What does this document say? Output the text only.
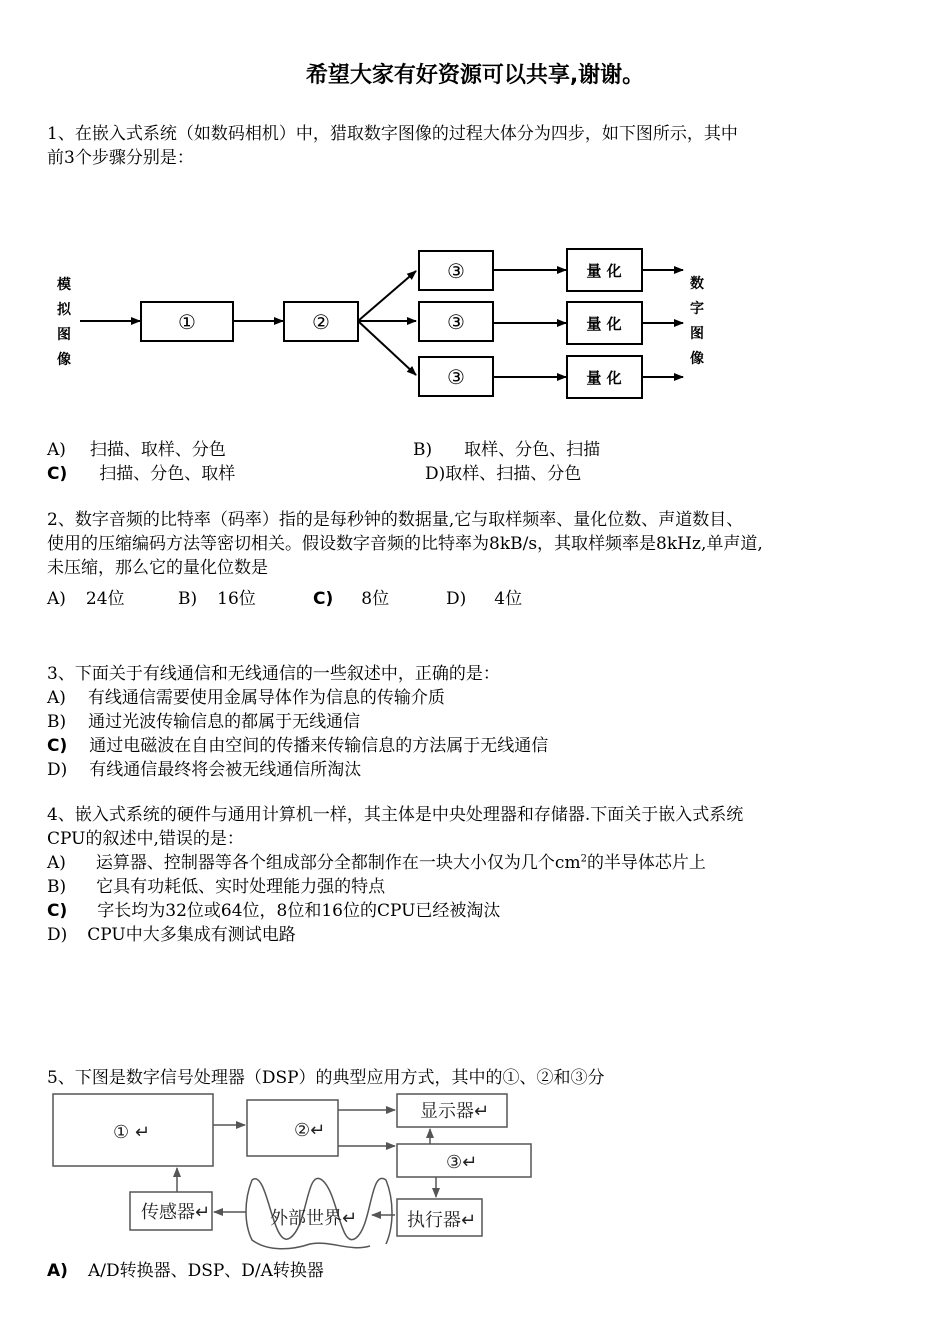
希望大家有好资源可以共享,谢谢。
1、在嵌入式系统（如数码相机）中，猎取数字图像的过程大体分为四步，如下图所示，其中
前3个步骤分别是：
模
拟
图
像
①	②
③	量 化
③	量 化
③	量 化
数
字
图
像
① ↵	②↵
显示器↵
③↵
传感器↵	外部世界↵	执行器↵
A) 扫描、取样、分色	B) 取样、分色、扫描
C) 扫描、分色、取样	D)取样、扫描、分色
2、数字音频的比特率（码率）指的是每秒钟的数据量,它与取样频率、量化位数、声道数目、
使用的压缩编码方法等密切相关。假设数字音频的比特率为8kB/s，其取样频率是8kHz,单声道,
未压缩，那么它的量化位数是
A) 24位	B) 16位	C) 8位	D) 4位
3、下面关于有线通信和无线通信的一些叙述中，正确的是：
A) 有线通信需要使用金属导体作为信息的传输介质
B) 通过光波传输信息的都属于无线通信
C) 通过电磁波在自由空间的传播来传输信息的方法属于无线通信
D) 有线通信最终将会被无线通信所淘汰
4、嵌入式系统的硬件与通用计算机一样，其主体是中央处理器和存储器.下面关于嵌入式系统
CPU的叙述中,错误的是：
A) 运算器、控制器等各个组成部分全都制作在一块大小仅为几个$cm^2$的半导体芯片上
B) 它具有功耗低、实时处理能力强的特点
C) 字长均为32位或64位，8位和16位的CPU已经被淘汰
D) CPU中大多集成有测试电路
5、下图是数字信号处理器（DSP）的典型应用方式，其中的①、②和③分
A) A/D转换器、DSP、D/A转换器
